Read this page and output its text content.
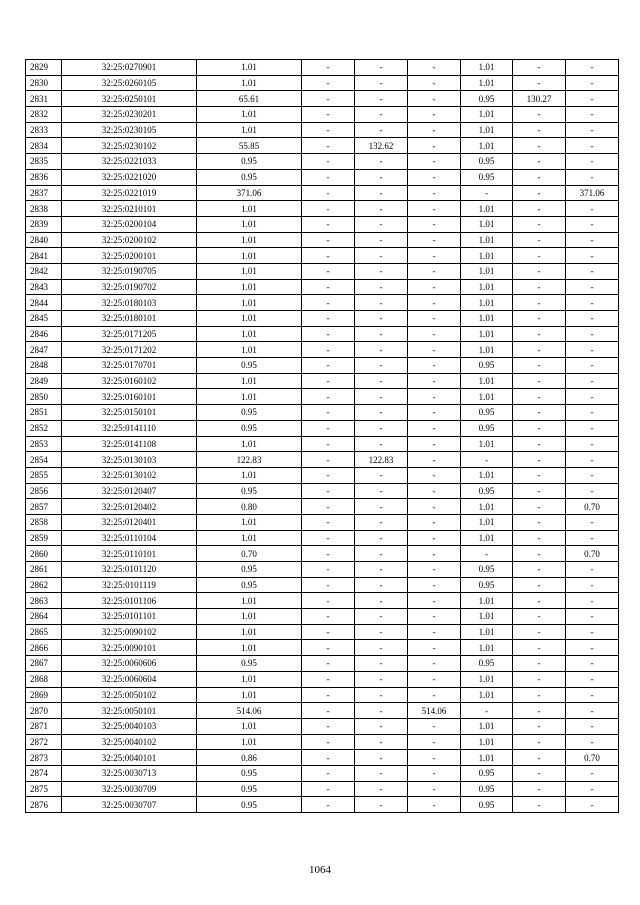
2829	32:25:0270901	1.01	-	-	-	1.01	-	-
2830	32:25:0260105	1.01	-	-	-	1.01	-	-
2831	32:25:0250101	65.61	-	-	-	0.95	130.27	-
2832	32:25:0230201	1.01	-	-	-	1.01	-	-
2833	32:25:0230105	1.01	-	-	-	1.01	-	-
2834	32:25:0230102	55.85	-	132.62	-	1.01	-	-
2835	32:25:0221033	0.95	-	-	-	0.95	-	-
2836	32:25:0221020	0.95	-	-	-	0.95	-	-
2837	32:25:0221019	371.06	-	-	-	-	-	371.06
2838	32:25:0210101	1.01	-	-	-	1.01	-	-
2839	32:25:0200104	1.01	-	-	-	1.01	-	-
2840	32:25:0200102	1.01	-	-	-	1.01	-	-
2841	32:25:0200101	1.01	-	-	-	1.01	-	-
2842	32:25:0190705	1.01	-	-	-	1.01	-	-
2843	32:25:0190702	1.01	-	-	-	1.01	-	-
2844	32:25:0180103	1.01	-	-	-	1.01	-	-
2845	32:25:0180101	1.01	-	-	-	1.01	-	-
2846	32:25:0171205	1.01	-	-	-	1.01	-	-
2847	32:25:0171202	1.01	-	-	-	1.01	-	-
2848	32:25:0170701	0.95	-	-	-	0.95	-	-
2849	32:25:0160102	1.01	-	-	-	1.01	-	-
2850	32:25:0160101	1.01	-	-	-	1.01	-	-
2851	32:25:0150101	0.95	-	-	-	0.95	-	-
2852	32:25:0141110	0.95	-	-	-	0.95	-	-
2853	32:25:0141108	1.01	-	-	-	1.01	-	-
2854	32:25:0130103	122.83	-	122.83	-	-	-	-
2855	32:25:0130102	1.01	-	-	-	1.01	-	-
2856	32:25:0120407	0.95	-	-	-	0.95	-	-
2857	32:25:0120402	0.80	-	-	-	1.01	-	0.70
2858	32:25:0120401	1.01	-	-	-	1.01	-	-
2859	32:25:0110104	1.01	-	-	-	1.01	-	-
2860	32:25:0110101	0.70	-	-	-	-	-	0.70
2861	32:25:0101120	0.95	-	-	-	0.95	-	-
2862	32:25:0101119	0.95	-	-	-	0.95	-	-
2863	32:25:0101106	1.01	-	-	-	1.01	-	-
2864	32:25:0101101	1.01	-	-	-	1.01	-	-
2865	32:25:0090102	1.01	-	-	-	1.01	-	-
2866	32:25:0090101	1.01	-	-	-	1.01	-	-
2867	32:25:0060606	0.95	-	-	-	0.95	-	-
2868	32:25:0060604	1.01	-	-	-	1.01	-	-
2869	32:25:0050102	1.01	-	-	-	1.01	-	-
2870	32:25:0050101	514.06	-	-	514.06	-	-	-
2871	32:25:0040103	1.01	-	-	-	1.01	-	-
2872	32:25:0040102	1.01	-	-	-	1.01	-	-
2873	32:25:0040101	0.86	-	-	-	1.01	-	0.70
2874	32:25:0030713	0.95	-	-	-	0.95	-	-
2875	32:25:0030709	0.95	-	-	-	0.95	-	-
2876	32:25:0030707	0.95	-	-	-	0.95	-	-
1064
